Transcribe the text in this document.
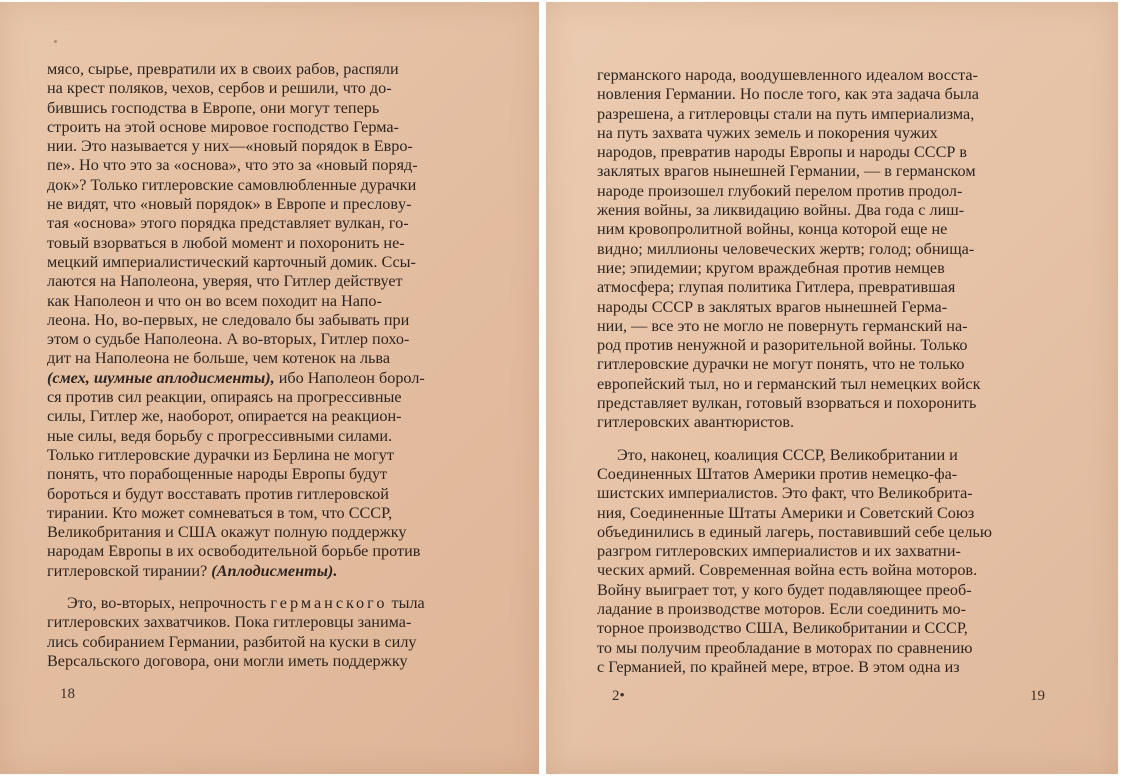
мясо, сырье, превратили их в своих рабов, распяли

на крест поляков, чехов, сербов и решили, что до-

бившись господства в Европе, они могут теперь

строить на этой основе мировое господство Герма-

нии. Это называется у них—«новый порядок в Евро-

пе». Но что это за «основа», что это за «новый поряд-

док»? Только гитлеровские самовлюбленные дурачки

не видят, что «новый порядок» в Европе и пресловy-

тая «основа» этого порядка представляет вулкан, го-

товый взорваться в любой момент и похоронить не-

мецкий империалистический карточный домик. Ссы-

лаются на Наполеона, уверяя, что Гитлер действует

как Наполеон и что он во всем походит на Напо-

леона. Но, во-первых, не следовало бы забывать при

этом о судьбе Наполеона. А во-вторых, Гитлер похо-

дит на Наполеона не больше, чем котенок на льва

(смех, шумные аплодисменты), ибо Наполеон борол-

ся против сил реакции, опираясь на прогрессивные

силы, Гитлер же, наоборот, опирается на реакцион-

ные силы, ведя борьбу с прогрессивными силами.

Только гитлеровские дурачки из Берлина не могут

понять, что порабощенные народы Европы будут

бороться и будут восставать против гитлеровской

тирании. Кто может сомневаться в том, что СССР,

Великобритания и США окажут полную поддержку

народам Европы в их освободительной борьбе против

гитлеровской тирании? (Аплодисменты).

Это, во-вторых, непрочность германского тыла

гитлеровских захватчиков. Пока гитлеровцы занима-

лись собиранием Германии, разбитой на куски в силу

Версальского договора, они могли иметь поддержку

18

германского народа, воодушевленного идеалом восста-

новления Германии. Но после того, как эта задача была

разрешена, а гитлеровцы стали на путь империализма,

на путь захвата чужих земель и покорения чужих

народов, превратив народы Европы и народы СССР в

заклятых врагов нынешней Германии, — в германском

народе произошел глубокий перелом против продол-

жения войны, за ликвидацию войны. Два года с лиш-

ним кровопролитной войны, конца которой еще не

видно; миллионы человеческих жертв; голод; обнища-

ние; эпидемии; кругом враждебная против немцев

атмосфера; глупая политика Гитлера, превратившая

народы СССР в заклятых врагов нынешней Герма-

нии, — все это не могло не повернуть германский на-

род против ненужной и разорительной войны. Только

гитлеровские дурачки не могут понять, что не только

европейский тыл, но и германский тыл немецких войск

представляет вулкан, готовый взорваться и похоронить

гитлеровских авантюристов.

Это, наконец, коалиция СССР, Великобритании и

Соединенных Штатов Америки против немецко-фа-

шистских империалистов. Это факт, что Великобрита-

ния, Соединенные Штаты Америки и Советский Союз

объединились в единый лагерь, поставивший себе целью

разгром гитлеровских империалистов и их захватни-

ческих армий. Современная война есть война моторов.

Войну выиграет тот, у кого будет подавляющее преоб-

ладание в производстве моторов. Если соединить мо-

торное производство США, Великобритании и СССР,

то мы получим преобладание в моторах по сравнению

с Германией, по крайней мере, втрое. В этом одна из

2•	19
